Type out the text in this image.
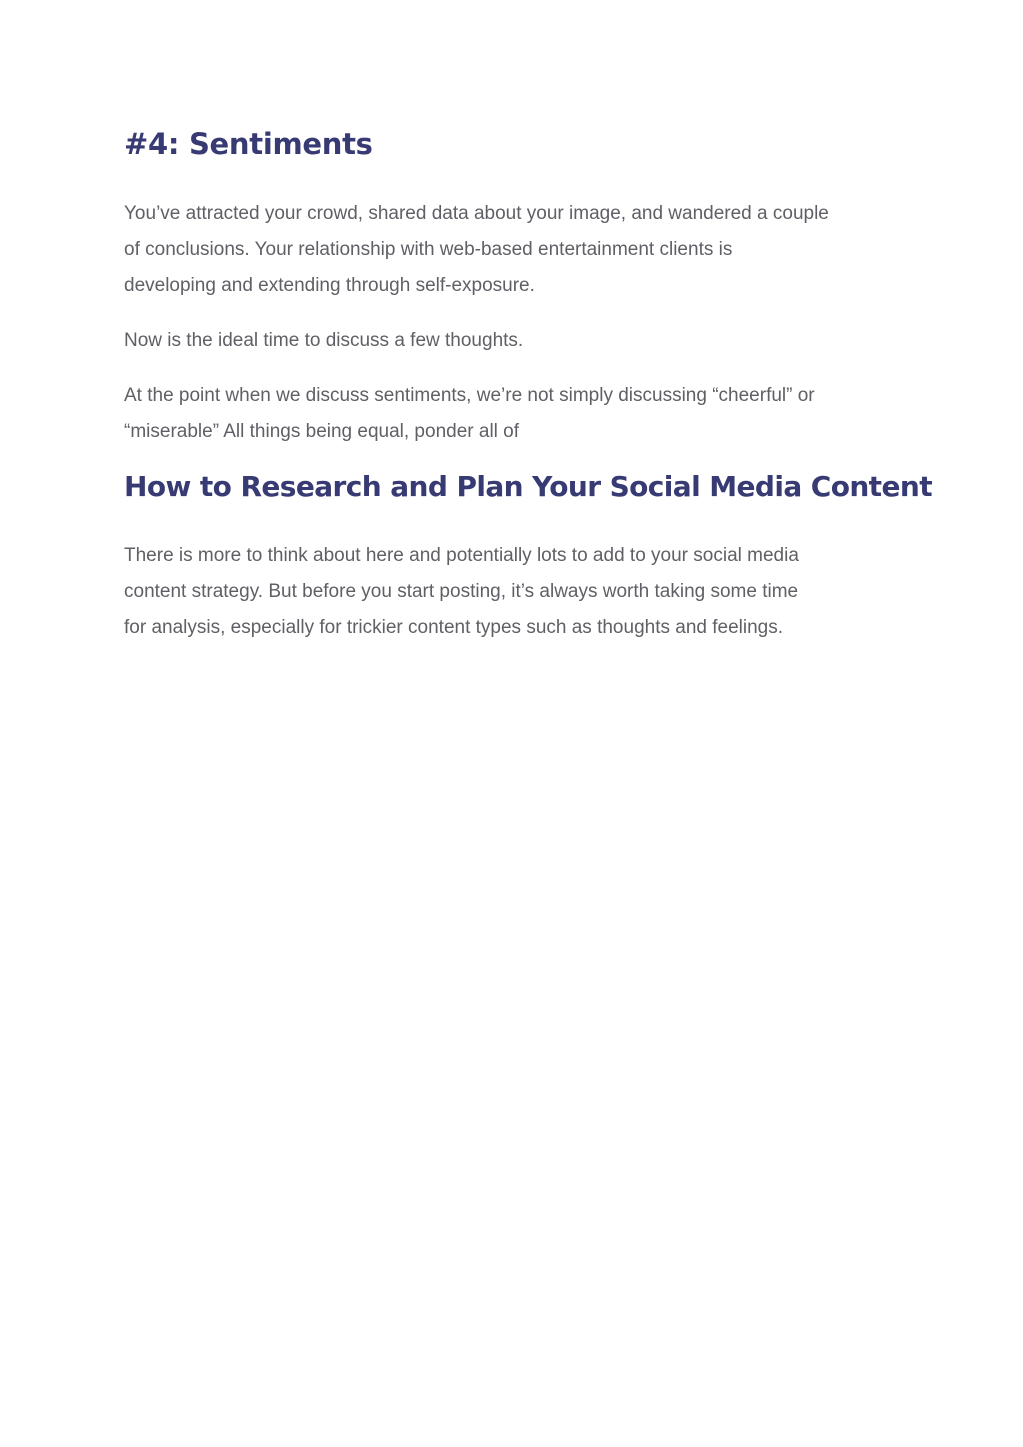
#4: Sentiments

You’ve attracted your crowd, shared data about your image, and wandered a couple
of conclusions. Your relationship with web-based entertainment clients is
developing and extending through self-exposure.

Now is the ideal time to discuss a few thoughts.

At the point when we discuss sentiments, we’re not simply discussing “cheerful” or
“miserable” All things being equal, ponder all of

How to Research and Plan Your Social Media Content

There is more to think about here and potentially lots to add to your social media
content strategy. But before you start posting, it’s always worth taking some time
for analysis, especially for trickier content types such as thoughts and feelings.
